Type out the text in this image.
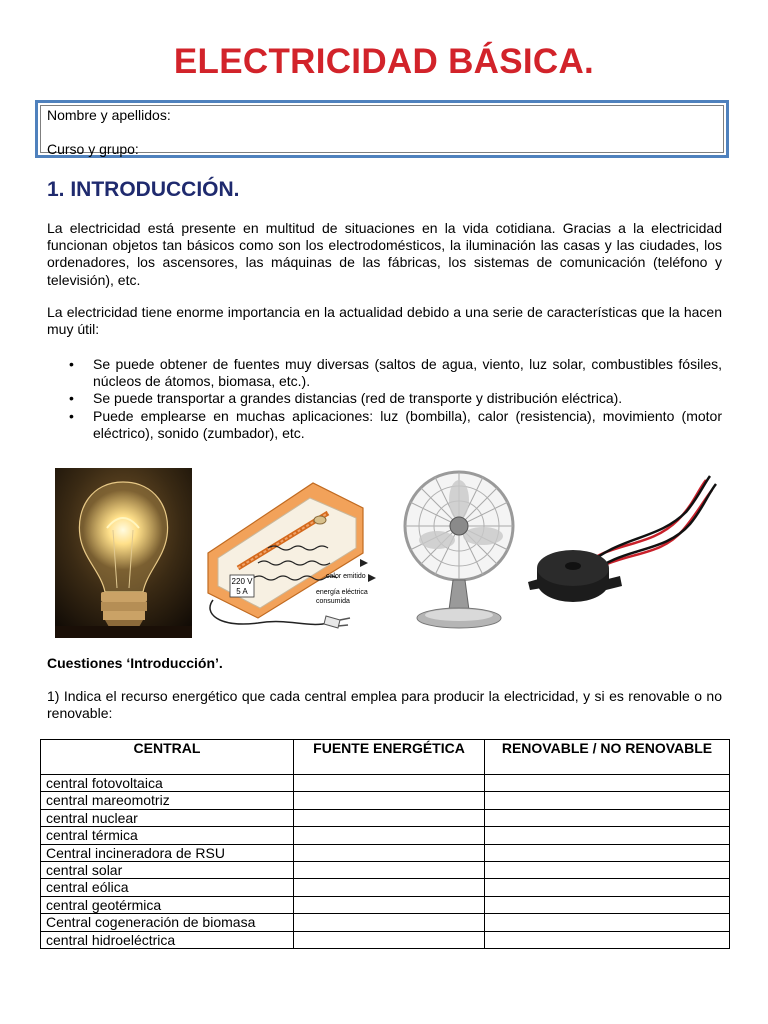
ELECTRICIDAD BÁSICA.
Nombre y apellidos:
Curso y grupo:
1. INTRODUCCIÓN.

La electricidad está presente en multitud de situaciones en la vida cotidiana. Gracias a la electricidad funcionan objetos tan básicos como son los electrodomésticos, la iluminación las casas y las ciudades, los ordenadores, los ascensores, las máquinas de las fábricas, los sistemas de comunicación (teléfono y televisión), etc.

La electricidad tiene enorme importancia en la actualidad debido a una serie de características que la hacen muy útil:

• Se puede obtener de fuentes muy diversas (saltos de agua, viento, luz solar, combustibles fósiles, núcleos de átomos, biomasa, etc.).
• Se puede transportar a grandes distancias (red de transporte y distribución eléctrica).
• Puede emplearse en muchas aplicaciones: luz (bombilla), calor (resistencia), movimiento (motor eléctrico), sonido (zumbador), etc.
220 V
5 A
calor emitido
energía eléctrica
consumida

Cuestiones ‘Introducción’.

1) Indica el recurso energético que cada central emplea para producir la electricidad, y si es renovable o no renovable:

CENTRAL	FUENTE ENERGÉTICA	RENOVABLE / NO RENOVABLE
central fotovoltaica		
central mareomotriz		
central nuclear		
central térmica		
Central incineradora de RSU		
central solar		
central eólica		
central geotérmica		
Central cogeneración de biomasa		
central hidroeléctrica		
